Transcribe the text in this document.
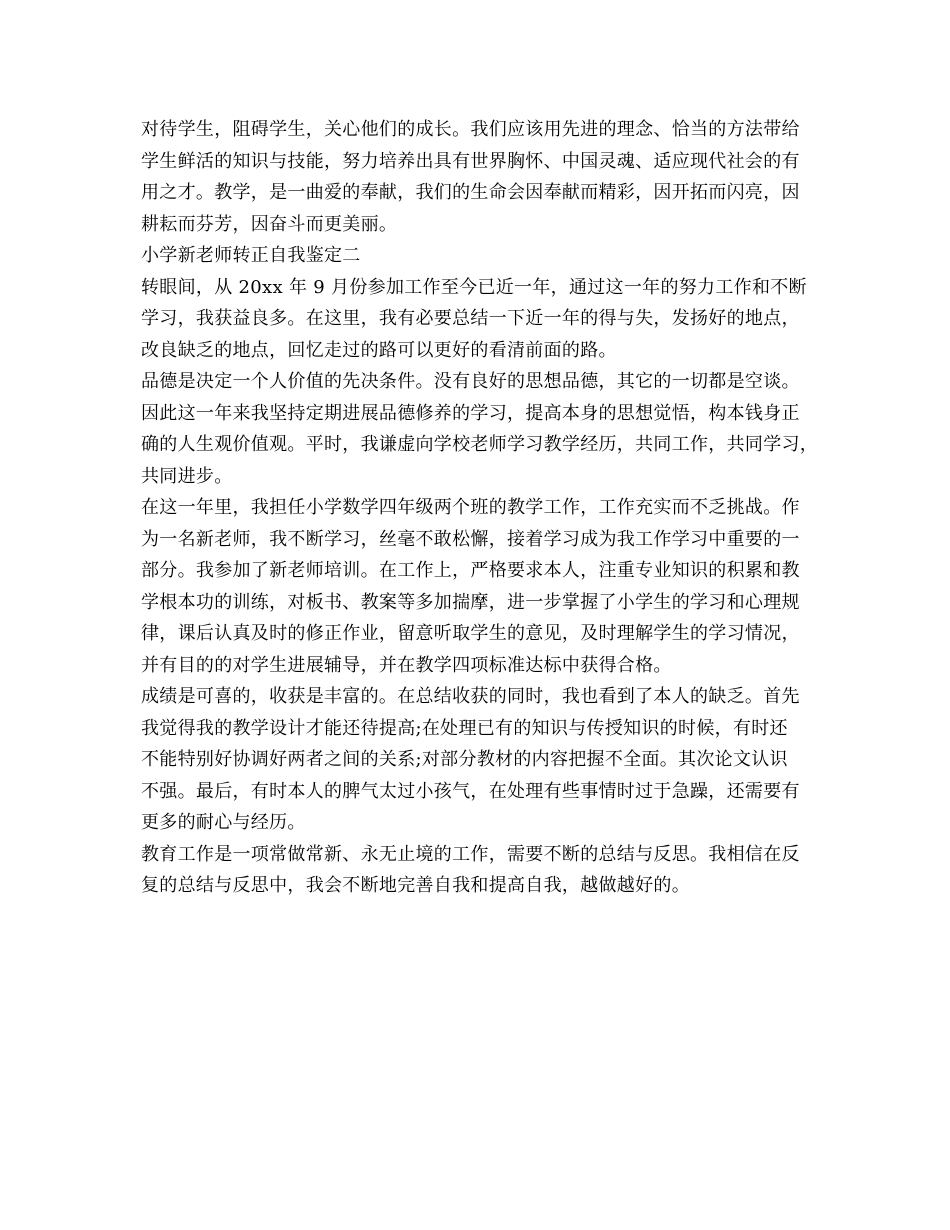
对待学生，阻碍学生，关心他们的成长。我们应该用先进的理念、恰当的方法带给
学生鲜活的知识与技能，努力培养出具有世界胸怀、中国灵魂、适应现代社会的有
用之才。教学，是一曲爱的奉献，我们的生命会因奉献而精彩，因开拓而闪亮，因
耕耘而芬芳，因奋斗而更美丽。
小学新老师转正自我鉴定二
转眼间，从 20xx 年 9 月份参加工作至今已近一年，通过这一年的努力工作和不断
学习，我获益良多。在这里，我有必要总结一下近一年的得与失，发扬好的地点，
改良缺乏的地点，回忆走过的路可以更好的看清前面的路。
品德是决定一个人价值的先决条件。没有良好的思想品德，其它的一切都是空谈。
因此这一年来我坚持定期进展品德修养的学习，提高本身的思想觉悟，构本钱身正
确的人生观价值观。平时，我谦虚向学校老师学习教学经历，共同工作，共同学习，
共同进步。
在这一年里，我担任小学数学四年级两个班的教学工作，工作充实而不乏挑战。作
为一名新老师，我不断学习，丝毫不敢松懈，接着学习成为我工作学习中重要的一
部分。我参加了新老师培训。在工作上，严格要求本人，注重专业知识的积累和教
学根本功的训练，对板书、教案等多加揣摩，进一步掌握了小学生的学习和心理规
律，课后认真及时的修正作业，留意听取学生的意见，及时理解学生的学习情况，
并有目的的对学生进展辅导，并在教学四项标准达标中获得合格。
成绩是可喜的，收获是丰富的。在总结收获的同时，我也看到了本人的缺乏。首先
我觉得我的教学设计才能还待提高;在处理已有的知识与传授知识的时候，有时还
不能特别好协调好两者之间的关系;对部分教材的内容把握不全面。其次论文认识
不强。最后，有时本人的脾气太过小孩气，在处理有些事情时过于急躁，还需要有
更多的耐心与经历。
教育工作是一项常做常新、永无止境的工作，需要不断的总结与反思。我相信在反
复的总结与反思中，我会不断地完善自我和提高自我，越做越好的。
